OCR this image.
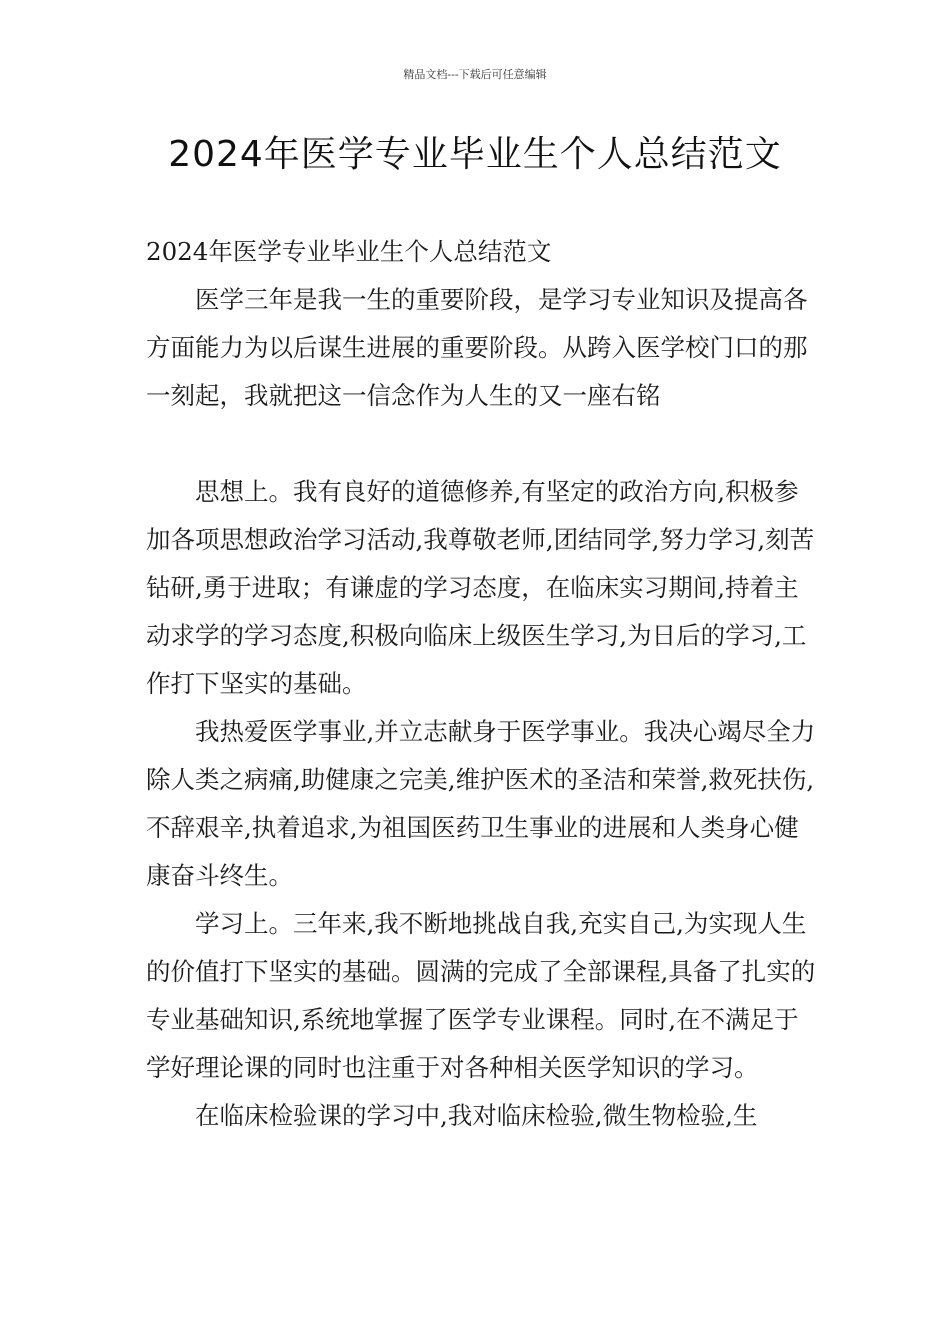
精品文档---下载后可任意编辑
2024年医学专业毕业生个人总结范文

2024年医学专业毕业生个人总结范文

医学三年是我一生的重要阶段，是学习专业知识及提高各方面能力为以后谋生进展的重要阶段。从跨入医学校门口的那一刻起，我就把这一信念作为人生的又一座右铭

思想上。我有良好的道德修养,有坚定的政治方向,积极参加各项思想政治学习活动,我尊敬老师,团结同学,努力学习,刻苦钻研,勇于进取；有谦虚的学习态度，在临床实习期间,持着主动求学的学习态度,积极向临床上级医生学习,为日后的学习,工作打下坚实的基础。

我热爱医学事业,并立志献身于医学事业。我决心竭尽全力除人类之病痛,助健康之完美,维护医术的圣洁和荣誉,救死扶伤,不辞艰辛,执着追求,为祖国医药卫生事业的进展和人类身心健康奋斗终生。

学习上。三年来,我不断地挑战自我,充实自己,为实现人生的价值打下坚实的基础。圆满的完成了全部课程,具备了扎实的专业基础知识,系统地掌握了医学专业课程。同时,在不满足于学好理论课的同时也注重于对各种相关医学知识的学习。

在临床检验课的学习中,我对临床检验,微生物检验,生
